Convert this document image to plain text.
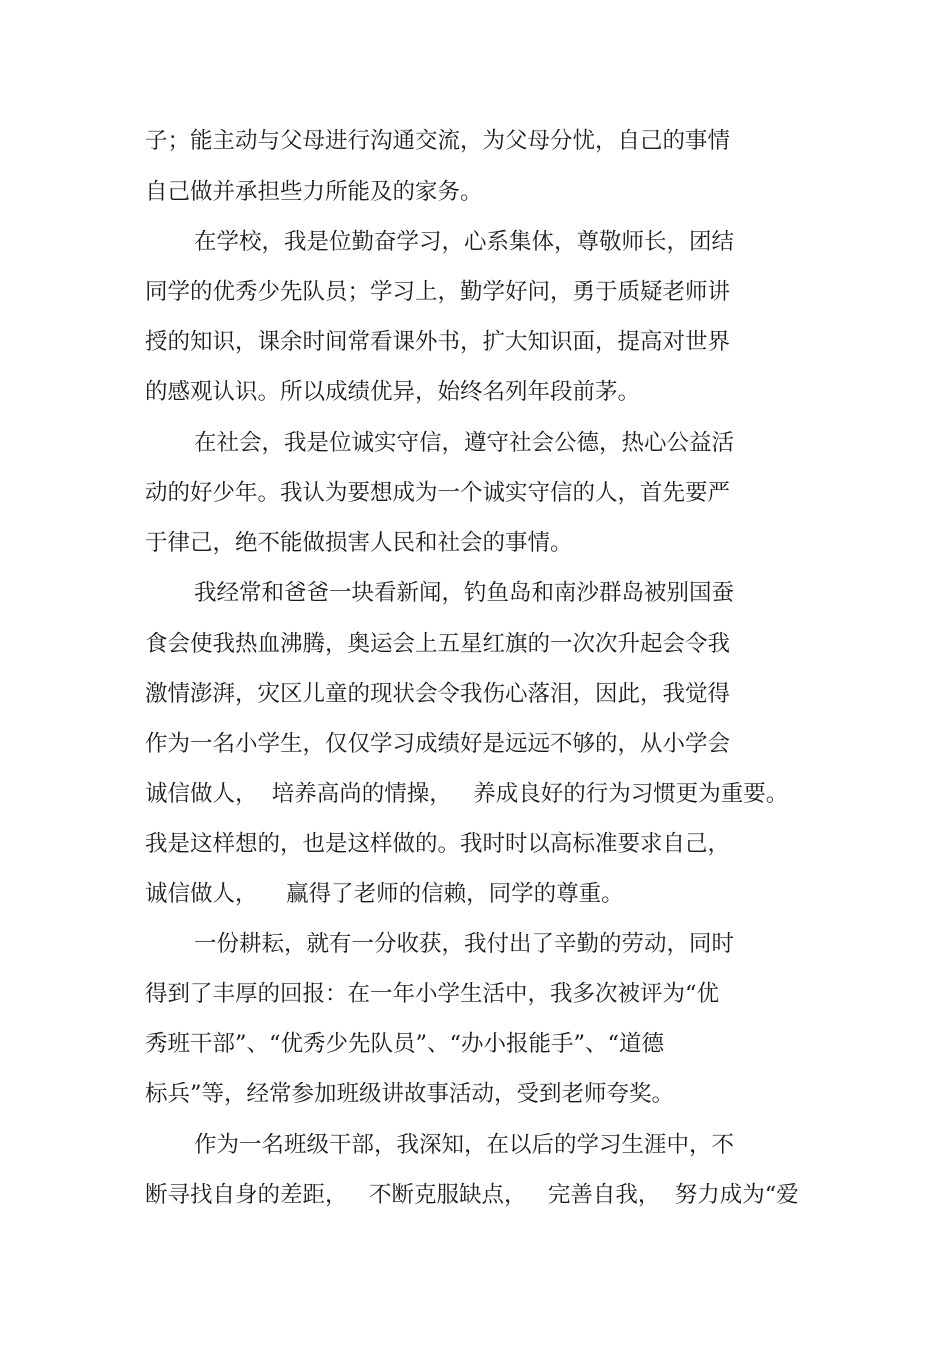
子；能主动与父母进行沟通交流，为父母分忧，自己的事情
自己做并承担些力所能及的家务。
在学校，我是位勤奋学习，心系集体，尊敬师长，团结
同学的优秀少先队员；学习上，勤学好问，勇于质疑老师讲
授的知识，课余时间常看课外书，扩大知识面，提高对世界
的感观认识。所以成绩优异，始终名列年段前茅。
在社会，我是位诚实守信，遵守社会公德，热心公益活
动的好少年。我认为要想成为一个诚实守信的人，首先要严
于律己，绝不能做损害人民和社会的事情。
我经常和爸爸一块看新闻，钓鱼岛和南沙群岛被别国蚕
食会使我热血沸腾，奥运会上五星红旗的一次次升起会令我
激情澎湃，灾区儿童的现状会令我伤心落泪，因此，我觉得
作为一名小学生，仅仅学习成绩好是远远不够的，从小学会
诚信做人，  培养高尚的情操，   养成良好的行为习惯更为重要。
我是这样想的，也是这样做的。我时时以高标准要求自己，
诚信做人，    赢得了老师的信赖，同学的尊重。
一份耕耘，就有一分收获，我付出了辛勤的劳动，同时
得到了丰厚的回报：在一年小学生活中，我多次被评为“优
秀班干部”、“优秀少先队员”、“办小报能手”、“道德
标兵”等，经常参加班级讲故事活动，受到老师夸奖。
作为一名班级干部，我深知，在以后的学习生涯中，不
断寻找自身的差距，   不断克服缺点，   完善自我，  努力成为“爱
